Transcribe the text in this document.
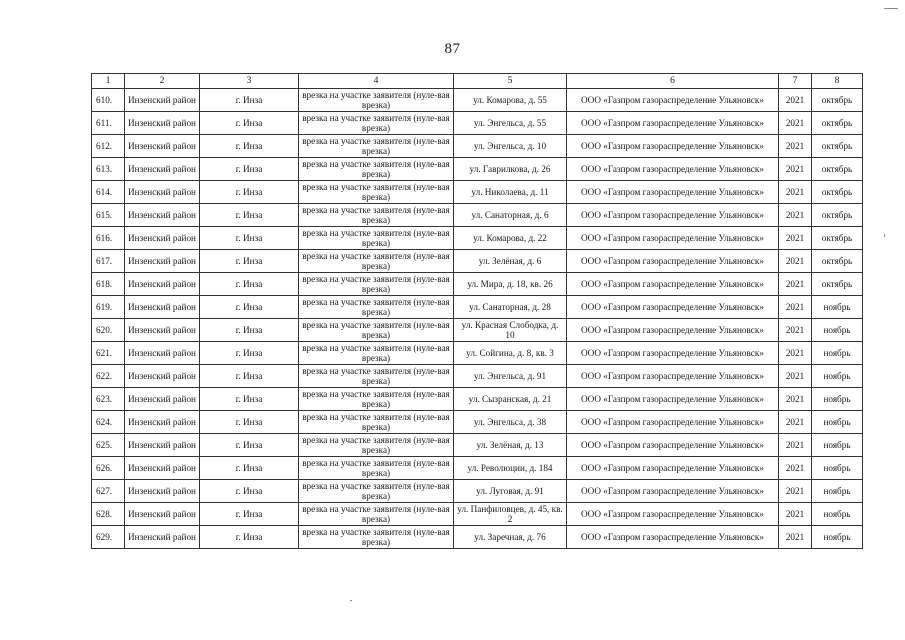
87
1	2	3	4	5	6	7	8
610.	Инзенский район	г. Инза	врезка на участке заявителя (нуле-вая врезка)	ул. Комарова, д. 55	ООО «Газпром газораспределение Ульяновск»	2021	октябрь
611.	Инзенский район	г. Инза	врезка на участке заявителя (нуле-вая врезка)	ул. Энгельса, д. 55	ООО «Газпром газораспределение Ульяновск»	2021	октябрь
612.	Инзенский район	г. Инза	врезка на участке заявителя (нуле-вая врезка)	ул. Энгельса, д. 10	ООО «Газпром газораспределение Ульяновск»	2021	октябрь
613.	Инзенский район	г. Инза	врезка на участке заявителя (нуле-вая врезка)	ул. Гаврилкова, д. 26	ООО «Газпром газораспределение Ульяновск»	2021	октябрь
614.	Инзенский район	г. Инза	врезка на участке заявителя (нуле-вая врезка)	ул. Николаева, д. 11	ООО «Газпром газораспределение Ульяновск»	2021	октябрь
615.	Инзенский район	г. Инза	врезка на участке заявителя (нуле-вая врезка)	ул. Санаторная, д. 6	ООО «Газпром газораспределение Ульяновск»	2021	октябрь
616.	Инзенский район	г. Инза	врезка на участке заявителя (нуле-вая врезка)	ул. Комарова, д. 22	ООО «Газпром газораспределение Ульяновск»	2021	октябрь
617.	Инзенский район	г. Инза	врезка на участке заявителя (нуле-вая врезка)	ул. Зелёная, д. 6	ООО «Газпром газораспределение Ульяновск»	2021	октябрь
618.	Инзенский район	г. Инза	врезка на участке заявителя (нуле-вая врезка)	ул. Мира, д. 18, кв. 26	ООО «Газпром газораспределение Ульяновск»	2021	октябрь
619.	Инзенский район	г. Инза	врезка на участке заявителя (нуле-вая врезка)	ул. Санаторная, д. 28	ООО «Газпром газораспределение Ульяновск»	2021	ноябрь
620.	Инзенский район	г. Инза	врезка на участке заявителя (нуле-вая врезка)	ул. Красная Слободка, д. 10	ООО «Газпром газораспределение Ульяновск»	2021	ноябрь
621.	Инзенский район	г. Инза	врезка на участке заявителя (нуле-вая врезка)	ул. Сойгина, д. 8, кв. 3	ООО «Газпром газораспределение Ульяновск»	2021	ноябрь
622.	Инзенский район	г. Инза	врезка на участке заявителя (нуле-вая врезка)	ул. Энгельса, д. 91	ООО «Газпром газораспределение Ульяновск»	2021	ноябрь
623.	Инзенский район	г. Инза	врезка на участке заявителя (нуле-вая врезка)	ул. Сызранская, д. 21	ООО «Газпром газораспределение Ульяновск»	2021	ноябрь
624.	Инзенский район	г. Инза	врезка на участке заявителя (нуле-вая врезка)	ул. Энгельса, д. 38	ООО «Газпром газораспределение Ульяновск»	2021	ноябрь
625.	Инзенский район	г. Инза	врезка на участке заявителя (нуле-вая врезка)	ул. Зелёная, д. 13	ООО «Газпром газораспределение Ульяновск»	2021	ноябрь
626.	Инзенский район	г. Инза	врезка на участке заявителя (нуле-вая врезка)	ул. Революции, д. 184	ООО «Газпром газораспределение Ульяновск»	2021	ноябрь
627.	Инзенский район	г. Инза	врезка на участке заявителя (нуле-вая врезка)	ул. Луговая, д. 91	ООО «Газпром газораспределение Ульяновск»	2021	ноябрь
628.	Инзенский район	г. Инза	врезка на участке заявителя (нуле-вая врезка)	ул. Панфиловцев, д. 45, кв. 2	ООО «Газпром газораспределение Ульяновск»	2021	ноябрь
629.	Инзенский район	г. Инза	врезка на участке заявителя (нуле-вая врезка)	ул. Заречная, д. 76	ООО «Газпром газораспределение Ульяновск»	2021	ноябрь
